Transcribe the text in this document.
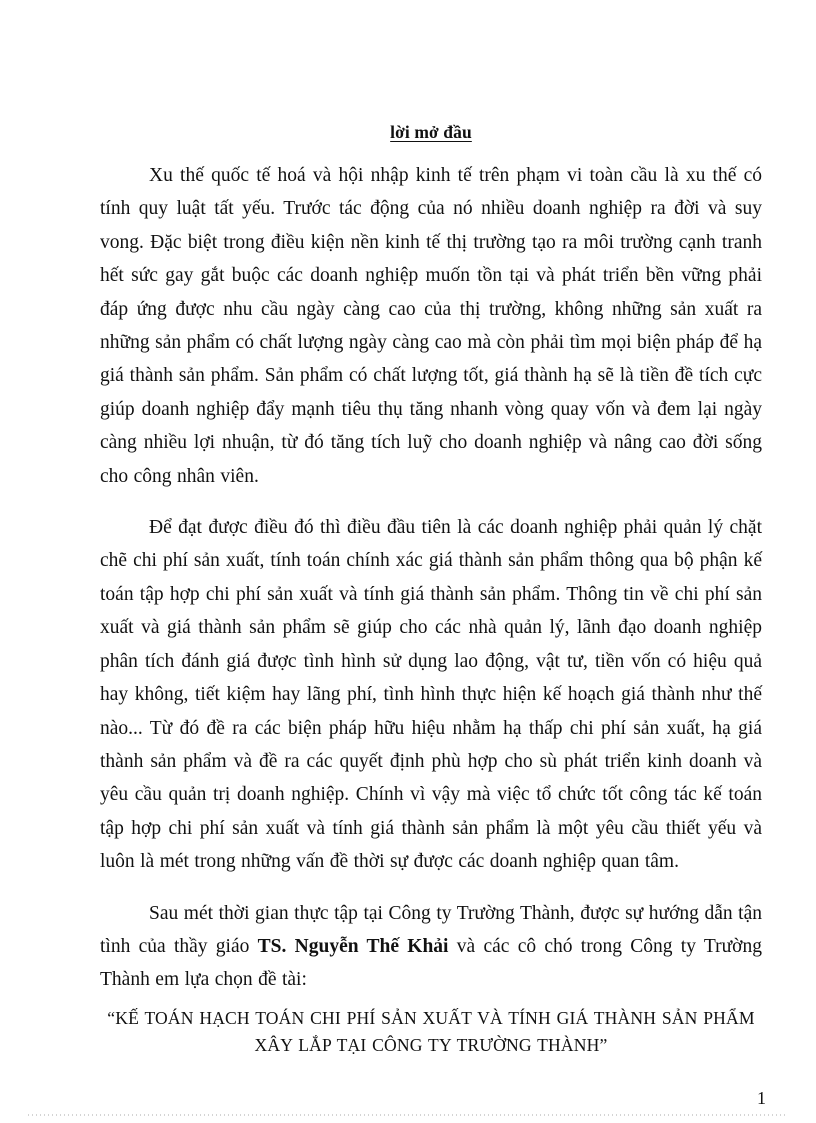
lời mở đầu

Xu thế quốc tế hoá và hội nhập kinh tế trên phạm vi toàn cầu là xu thế có tính quy luật tất yếu. Trước tác động của nó nhiều doanh nghiệp ra đời và suy vong. Đặc biệt trong điều kiện nền kinh tế thị trường tạo ra môi trường cạnh tranh hết sức gay gắt buộc các doanh nghiệp muốn tồn tại và phát triển bền vững phải đáp ứng được nhu cầu ngày càng cao của thị trường, không những sản xuất ra những sản phẩm có chất lượng ngày càng cao mà còn phải tìm mọi biện pháp để hạ giá thành sản phẩm. Sản phẩm có chất lượng tốt, giá thành hạ sẽ là tiền đề tích cực giúp doanh nghiệp đẩy mạnh tiêu thụ tăng nhanh vòng quay vốn và đem lại ngày càng nhiều lợi nhuận, từ đó tăng tích luỹ cho doanh nghiệp và nâng cao đời sống cho công nhân viên.

Để đạt được điều đó thì điều đầu tiên là các doanh nghiệp phải quản lý chặt chẽ chi phí sản xuất, tính toán chính xác giá thành sản phẩm thông qua bộ phận kế toán tập hợp chi phí sản xuất và tính giá thành sản phẩm. Thông tin về chi phí sản xuất và giá thành sản phẩm sẽ giúp cho các nhà quản lý, lãnh đạo doanh nghiệp phân tích đánh giá được tình hình sử dụng lao động, vật tư, tiền vốn có hiệu quả hay không, tiết kiệm hay lãng phí, tình hình thực hiện kế hoạch giá thành như thế nào... Từ đó đề ra các biện pháp hữu hiệu nhằm hạ thấp chi phí sản xuất, hạ giá thành sản phẩm và đề ra các quyết định phù hợp cho sù phát triển kinh doanh và yêu cầu quản trị doanh nghiệp. Chính vì vậy mà việc tổ chức tốt công tác kế toán tập hợp chi phí sản xuất và tính giá thành sản phẩm là một yêu cầu thiết yếu và luôn là mét trong những vấn đề thời sự được các doanh nghiệp quan tâm.

Sau mét thời gian thực tập tại Công ty Trường Thành, được sự hướng dẫn tận tình của thầy giáo TS. Nguyễn Thế Khải và các cô chó trong Công ty Trường Thành em lựa chọn đề tài:

“KẾ TOÁN HẠCH TOÁN CHI PHÍ SẢN XUẤT VÀ TÍNH GIÁ THÀNH SẢN PHẨM
XÂY LẮP TẠI CÔNG TY TRƯỜNG THÀNH”
1
